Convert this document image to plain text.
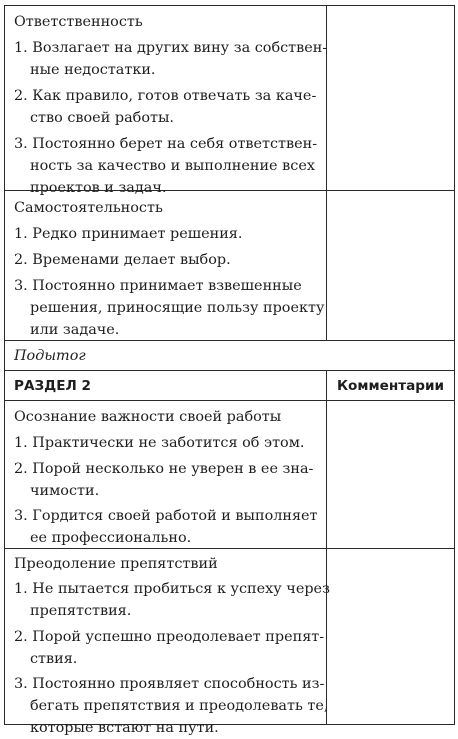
Ответственность
1. Возлагает на других вину за собствен-
ные недостатки.
2. Как правило, готов отвечать за каче-
ство своей работы.
3. Постоянно берет на себя ответствен-
ность за качество и выполнение всех
проектов и задач.
Самостоятельность
1. Редко принимает решения.
2. Временами делает выбор.
3. Постоянно принимает взвешенные
решения, приносящие пользу проекту
или задаче.
Подытог
РАЗДЕЛ 2	Комментарии
Осознание важности своей работы
1. Практически не заботится об этом.
2. Порой несколько не уверен в ее зна-
чимости.
3. Гордится своей работой и выполняет
ее профессионально.
Преодоление препятствий
1. Не пытается пробиться к успеху через
препятствия.
2. Порой успешно преодолевает препят-
ствия.
3. Постоянно проявляет способность из-
бегать препятствия и преодолевать те,
которые встают на пути.
